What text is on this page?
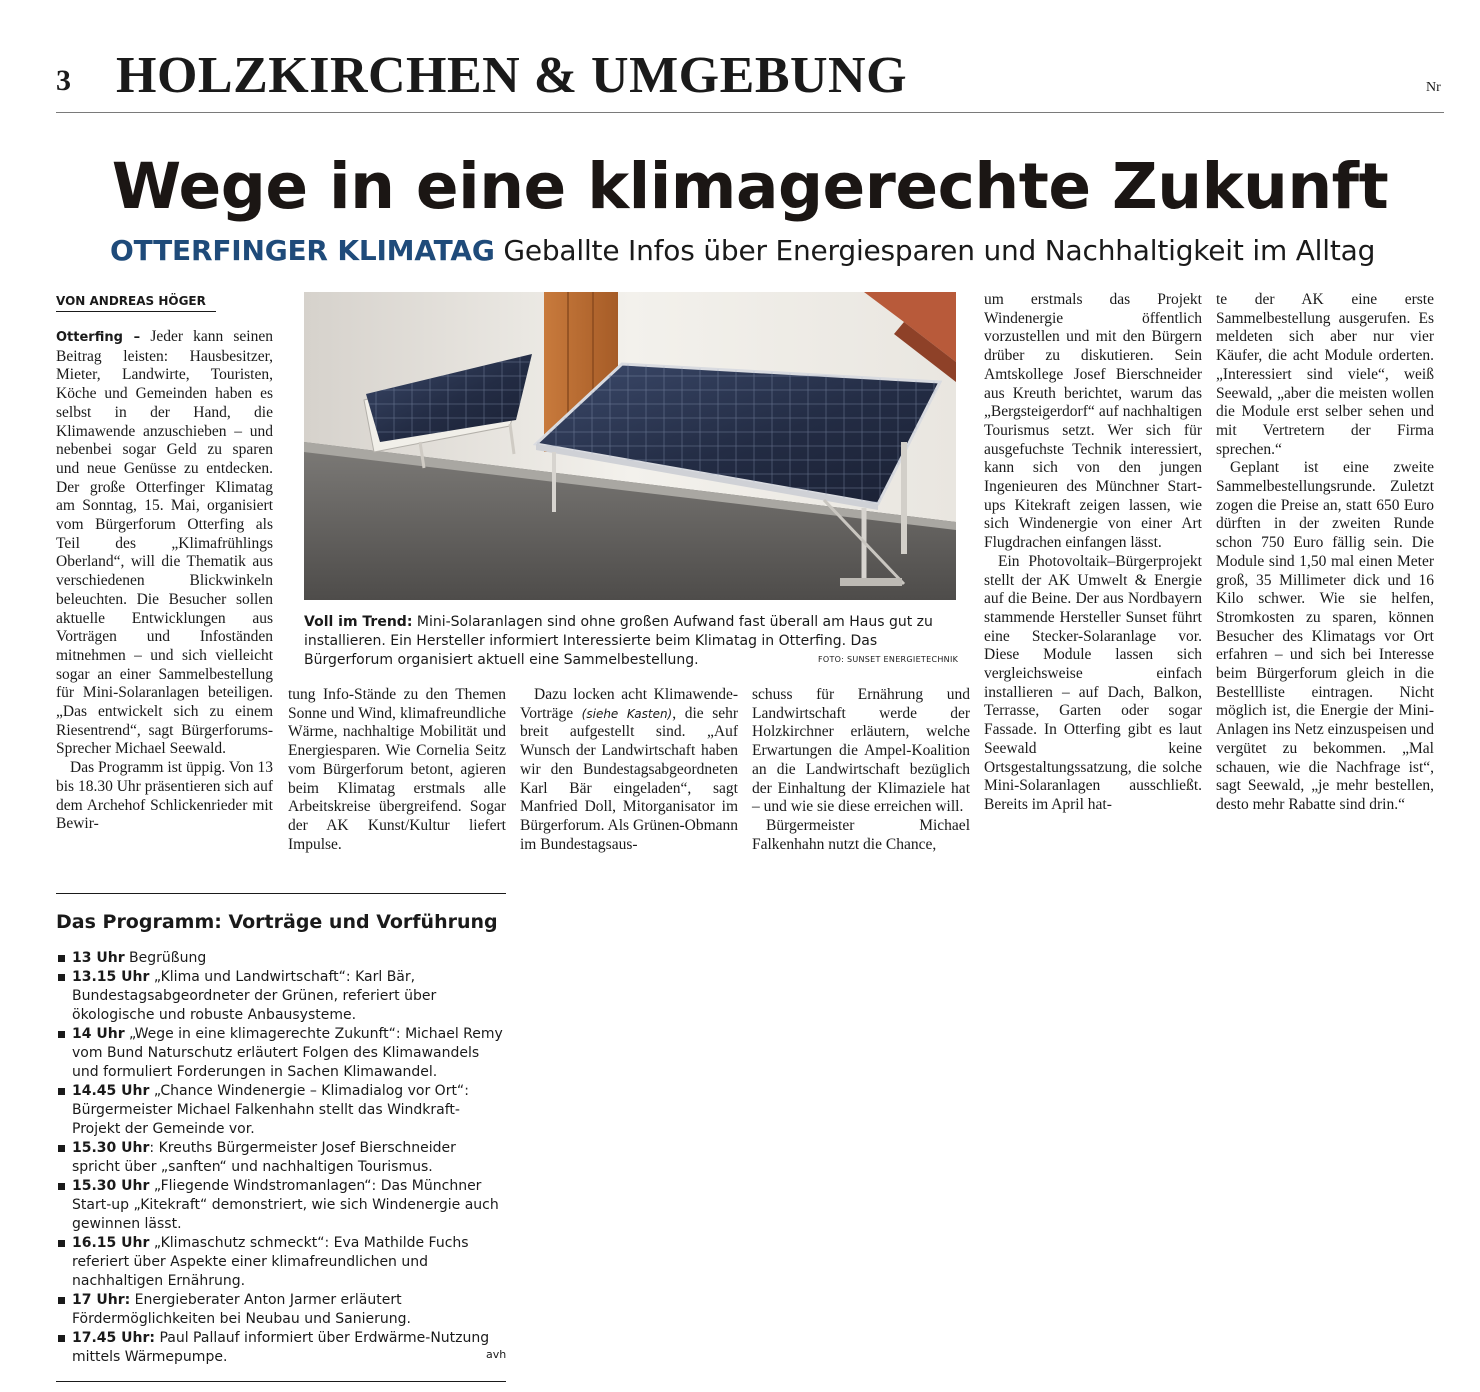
3 HOLZKIRCHEN & UMGEBUNG	Nr
Wege in eine klimagerechte Zukunft
OTTERFINGER KLIMATAG Geballte Infos über Energiesparen und Nachhaltigkeit im Alltag
VON ANDREAS HÖGER

Otterfing – Jeder kann seinen Beitrag leisten: Hausbesitzer, Mieter, Landwirte, Touristen, Köche und Gemeinden haben es selbst in der Hand, die Klimawende anzuschieben – und nebenbei sogar Geld zu sparen und neue Genüsse zu entdecken. Der große Otterfinger Klimatag am Sonntag, 15. Mai, organisiert vom Bürgerforum Otterfing als Teil des „Klimafrühlings Oberland“, will die Thematik aus verschiedenen Blickwinkeln beleuchten. Die Besucher sollen aktuelle Entwicklungen aus Vorträgen und Infoständen mitnehmen – und sich vielleicht sogar an einer Sammelbestellung für Mini-Solaranlagen beteiligen. „Das entwickelt sich zu einem Riesentrend“, sagt Bürgerforums-Sprecher Michael Seewald.

Das Programm ist üppig. Von 13 bis 18.30 Uhr präsentieren sich auf dem Archehof Schlickenrieder mit Bewir-

Voll im Trend: Mini-Solaranlagen sind ohne großen Aufwand fast überall am Haus gut zu installieren. Ein Hersteller informiert Interessierte beim Klimatag in Otterfing. Das Bürgerforum organisiert aktuell eine Sammelbestellung.	FOTO: SUNSET ENERGIETECHNIK

tung Info-Stände zu den Themen Sonne und Wind, klimafreundliche Wärme, nachhaltige Mobilität und Energiesparen. Wie Cornelia Seitz vom Bürgerforum betont, agieren beim Klimatag erstmals alle Arbeitskreise übergreifend. Sogar der AK Kunst/Kultur liefert Impulse.

Dazu locken acht Klimawende-Vorträge (siehe Kasten), die sehr breit aufgestellt sind. „Auf Wunsch der Landwirtschaft haben wir den Bundestagsabgeordneten Karl Bär eingeladen“, sagt Manfried Doll, Mitorganisator im Bürgerforum. Als Grünen-Obmann im Bundestagsaus-

schuss für Ernährung und Landwirtschaft werde der Holzkirchner erläutern, welche Erwartungen die Ampel-Koalition an die Landwirtschaft bezüglich der Einhaltung der Klimaziele hat – und wie sie diese erreichen will.

Bürgermeister Michael Falkenhahn nutzt die Chance,

um erstmals das Projekt Windenergie öffentlich vorzustellen und mit den Bürgern drüber zu diskutieren. Sein Amtskollege Josef Bierschneider aus Kreuth berichtet, warum das „Bergsteigerdorf“ auf nachhaltigen Tourismus setzt. Wer sich für ausgefuchste Technik interessiert, kann sich von den jungen Ingenieuren des Münchner Start-ups Kitekraft zeigen lassen, wie sich Windenergie von einer Art Flugdrachen einfangen lässt.

Ein Photovoltaik–Bürgerprojekt stellt der AK Umwelt & Energie auf die Beine. Der aus Nordbayern stammende Hersteller Sunset führt eine Stecker-Solaranlage vor. Diese Module lassen sich vergleichsweise einfach installieren – auf Dach, Balkon, Terrasse, Garten oder sogar Fassade. In Otterfing gibt es laut Seewald keine Ortsgestaltungssatzung, die solche Mini-Solaranlagen ausschließt. Bereits im April hat-

te der AK eine erste Sammelbestellung ausgerufen. Es meldeten sich aber nur vier Käufer, die acht Module orderten. „Interessiert sind viele“, weiß Seewald, „aber die meisten wollen die Module erst selber sehen und mit Vertretern der Firma sprechen.“

Geplant ist eine zweite Sammelbestellungsrunde. Zuletzt zogen die Preise an, statt 650 Euro dürften in der zweiten Runde schon 750 Euro fällig sein. Die Module sind 1,50 mal einen Meter groß, 35 Millimeter dick und 16 Kilo schwer. Wie sie helfen, Stromkosten zu sparen, können Besucher des Klimatags vor Ort erfahren – und sich bei Interesse beim Bürgerforum gleich in die Bestellliste eintragen. Nicht möglich ist, die Energie der Mini-Anlagen ins Netz einzuspeisen und vergütet zu bekommen. „Mal schauen, wie die Nachfrage ist“, sagt Seewald, „je mehr bestellen, desto mehr Rabatte sind drin.“

Das Programm: Vorträge und Vorführung
13 Uhr Begrüßung
13.15 Uhr „Klima und Landwirtschaft“: Karl Bär, Bundestagsabgeordneter der Grünen, referiert über ökologische und robuste Anbausysteme.
14 Uhr „Wege in eine klimagerechte Zukunft“: Michael Remy vom Bund Naturschutz erläutert Folgen des Klimawandels und formuliert Forderungen in Sachen Klimawandel.
14.45 Uhr „Chance Windenergie – Klimadialog vor Ort“: Bürgermeister Michael Falkenhahn stellt das Windkraft-Projekt der Gemeinde vor.
15.30 Uhr: Kreuths Bürgermeister Josef Bierschneider spricht über „sanften“ und nachhaltigen Tourismus.
15.30 Uhr „Fliegende Windstromanlagen“: Das Münchner Start-up „Kitekraft“ demonstriert, wie sich Windenergie auch gewinnen lässt.
16.15 Uhr „Klimaschutz schmeckt“: Eva Mathilde Fuchs referiert über Aspekte einer klimafreundlichen und nachhaltigen Ernährung.
17 Uhr: Energieberater Anton Jarmer erläutert Fördermöglichkeiten bei Neubau und Sanierung.
17.45 Uhr: Paul Pallauf informiert über Erdwärme-Nutzung mittels Wärmepumpe.	avh
